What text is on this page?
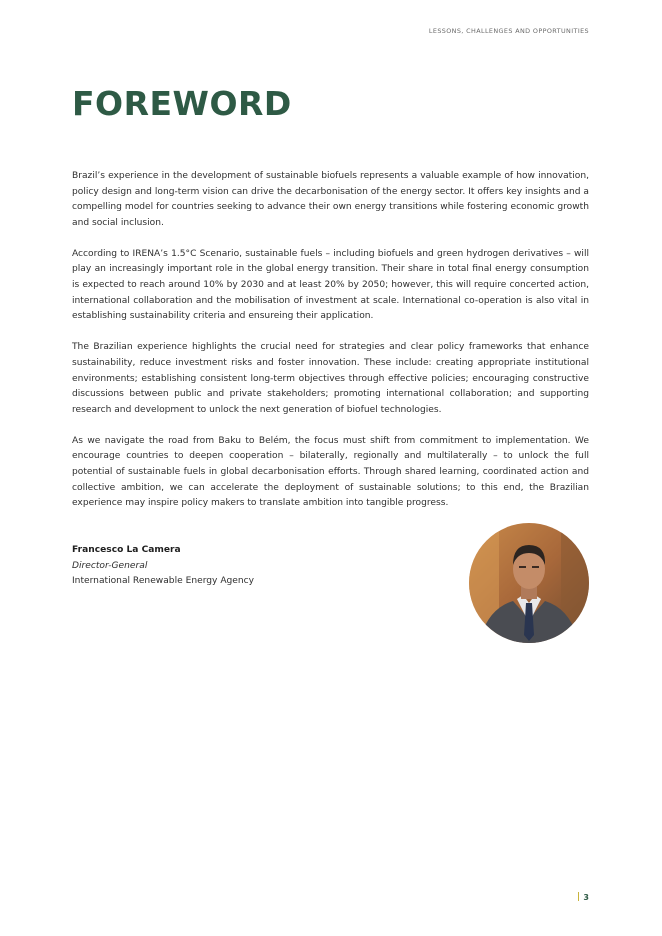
LESSONS, CHALLENGES AND OPPORTUNITIES
FOREWORD

Brazil’s experience in the development of sustainable biofuels represents a valuable example of how innovation, policy design and long-term vision can drive the decarbonisation of the energy sector. It offers key insights and a compelling model for countries seeking to advance their own energy transitions while fostering economic growth and social inclusion.

According to IRENA’s 1.5°C Scenario, sustainable fuels – including biofuels and green hydrogen derivatives – will play an increasingly important role in the global energy transition. Their share in total final energy consumption is expected to reach around 10% by 2030 and at least 20% by 2050; however, this will require concerted action, international collaboration and the mobilisation of investment at scale. International co-operation is also vital in establishing sustainability criteria and ensureing their application.

The Brazilian experience highlights the crucial need for strategies and clear policy frameworks that enhance sustainability, reduce investment risks and foster innovation. These include: creating appropriate institutional environments; establishing consistent long-term objectives through effective policies; encouraging constructive discussions between public and private stakeholders; promoting international collaboration; and supporting research and development to unlock the next generation of biofuel technologies.

As we navigate the road from Baku to Belém, the focus must shift from commitment to implementation. We encourage countries to deepen cooperation – bilaterally, regionally and multilaterally – to unlock the full potential of sustainable fuels in global decarbonisation efforts. Through shared learning, coordinated action and collective ambition, we can accelerate the deployment of sustainable solutions; to this end, the Brazilian experience may inspire policy makers to translate ambition into tangible progress.

Francesco La Camera
Director-General
International Renewable Energy Agency
3
